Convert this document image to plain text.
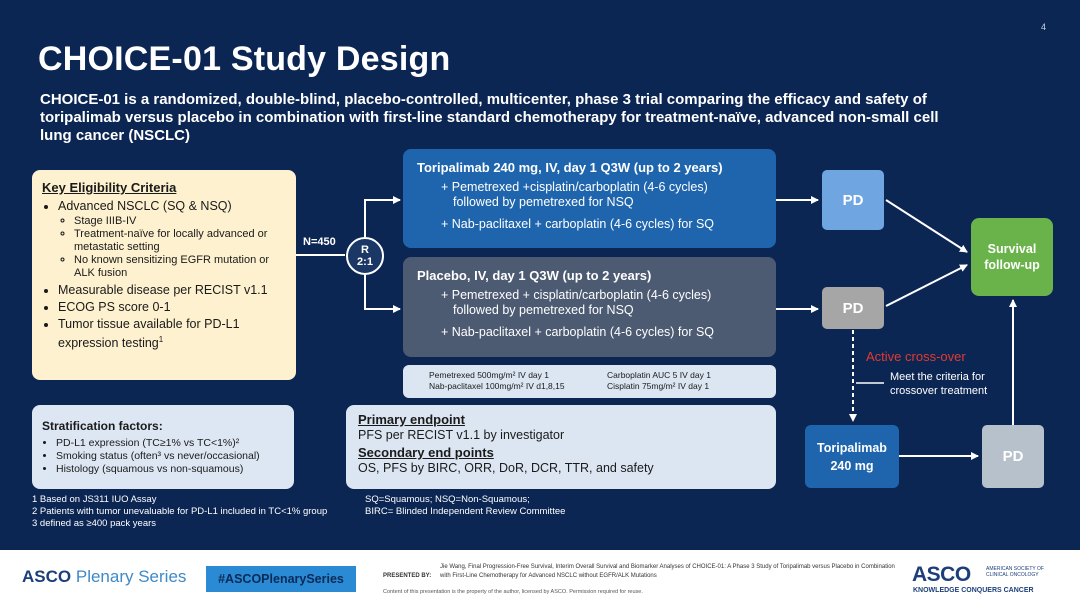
4
CHOICE-01 Study Design
CHOICE-01 is a randomized, double-blind, placebo-controlled, multicenter, phase 3 trial comparing the efficacy and safety of toripalimab versus placebo in combination with first-line standard chemotherapy for treatment-naïve, advanced non-small cell lung cancer (NSCLC)
Key Eligibility Criteria
• Advanced NSCLC (SQ & NSQ)
◦ Stage IIIB-IV
◦ Treatment-naïve for locally advanced or metastatic setting
◦ No known sensitizing EGFR mutation or ALK fusion
• Measurable disease per RECIST v1.1
• ECOG PS score 0-1
• Tumor tissue available for PD-L1 expression testing$^1$
N=450
R
2:1
Toripalimab 240 mg, IV, day 1 Q3W (up to 2 years)
+ Pemetrexed +cisplatin/carboplatin (4-6 cycles)
followed by pemetrexed for NSQ
+ Nab-paclitaxel + carboplatin (4-6 cycles) for SQ
Placebo, IV, day 1 Q3W (up to 2 years)
+ Pemetrexed + cisplatin/carboplatin (4-6 cycles)
followed by pemetrexed for NSQ
+ Nab-paclitaxel + carboplatin (4-6 cycles) for SQ
Pemetrexed 500mg/m² IV day 1	Carboplatin AUC 5 IV day 1
Nab-paclitaxel 100mg/m² IV d1,8,15	Cisplatin 75mg/m² IV day 1
PD
PD
Survival follow-up
Active cross-over
Meet the criteria for crossover treatment
Toripalimab
240 mg
PD
Stratification factors:
• PD-L1 expression (TC≥1% vs TC<1%)²
• Smoking status (often³ vs never/occasional)
• Histology (squamous vs non-squamous)
Primary endpoint

PFS per RECIST v1.1 by investigator

Secondary end points

OS, PFS by BIRC, ORR, DoR, DCR, TTR, and safety

1 Based on JS311 IUO Assay
2 Patients with tumor unevaluable for PD-L1 included in TC<1% group
3 defined as ≥400 pack years
SQ=Squamous; NSQ=Non-Squamous;
BIRC= Blinded Independent Review Committee
ASCO Plenary Series	#ASCOPlenarySeries	PRESENTED BY:
Jie Wang, Final Progression-Free Survival, Interim Overall Survival and Biomarker Analyses of CHOICE-01: A Phase 3 Study of Toripalimab versus Placebo in Combination with First-Line Chemotherapy for Advanced NSCLC without EGFR/ALK Mutations
Content of this presentation is the property of the author, licensed by ASCO. Permission required for reuse.
ASCO	AMERICAN SOCIETY OF CLINICAL ONCOLOGY
KNOWLEDGE CONQUERS CANCER
